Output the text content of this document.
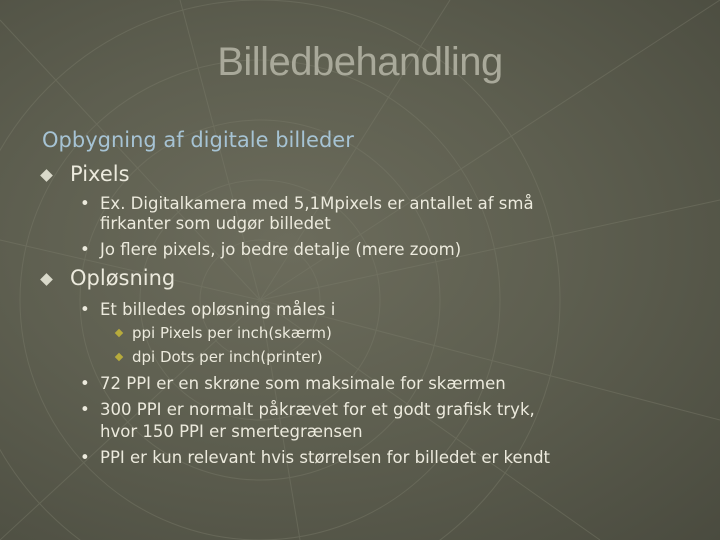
Billedbehandling
Opbygning af digitale billeder
Pixels
• Ex. Digitalkamera med 5,1Mpixels er antallet af små
firkanter som udgør billedet
• Jo flere pixels, jo bedre detalje (mere zoom)
Opløsning
• Et billedes opløsning måles i
ppi Pixels per inch(skærm)
dpi Dots per inch(printer)
• 72 PPI er en skrøne som maksimale for skærmen
• 300 PPI er normalt påkrævet for et godt grafisk tryk,
hvor 150 PPI er smertegrænsen
• PPI er kun relevant hvis størrelsen for billedet er kendt
